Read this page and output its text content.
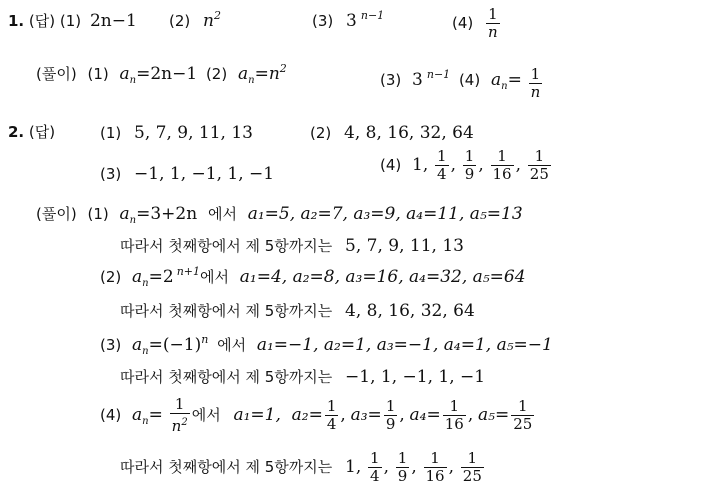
1. (답) (1) 2n−1 (2) $n^2$	(3) 3 $^{n-1}$	$(4) \frac{1}{n}$
(풀이) (1) $a_n=2n-1$ (2) $a_n=n^2$
(3) 3 $^{n-1}$ (4) $a_n= \frac{1}{n}$
2. (답)	(1) 5, 7, 9, 11, 13	(2) 4, 8, 16, 32, 64
(3) −1, 1, −1, 1, −1	(4) 1, $\frac{1}{4}$ , $\frac{1}{9}$ , $\frac{1}{16}$ , $\frac{1}{25}$
(풀이) (1) $a_n=3+2n$ 에서 a₁=5, a₂=7, a₃=9, a₄=11, a₅=13
따라서 첫째항에서 제 5항까지는 5, 7, 9, 11, 13
(2) $a_n=2$ $^{n+1}$에서 a₁=4, a₂=8, a₃=16, a₄=32, a₅=64
따라서 첫째항에서 제 5항까지는 4, 8, 16, 32, 64
(3) $a_n=(-1)^n$ 에서 a₁=−1, a₂=1, a₃=−1, a₄=1, a₅=−1
따라서 첫째항에서 제 5항까지는 −1, 1, −1, 1, −1
(4) $a_n= \frac{1}{n^2}$ 에서 a₁=1, $a_2= \frac{1}{4}$ , $a_3= \frac{1}{9}$ , $a_4= \frac{1}{16}$ , $a_5= \frac{1}{25}$
따라서 첫째항에서 제 5항까지는 1, $\frac{1}{4}$ , $\frac{1}{9}$ , $\frac{1}{16}$ , $\frac{1}{25}$
